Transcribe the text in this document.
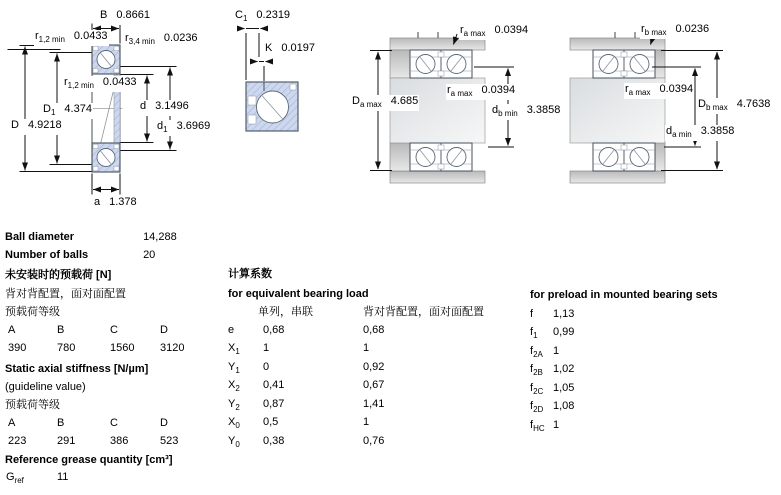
B 0.8661
$r_{1,2 min}$ 0.0433 $r_{3,4 min}$ 0.0236
$r_{1,2 min}$ 0.0433
$D_1$ 4.374
D 4.9218
d 3.1496
$d_1$ 3.6969
a 1.378
$C_1$ 0.2319
K 0.0197
$r_{a max}$ 0.0394
$D_{a max}$ 4.685
$r_{a max}$ 0.0394
$d_{b min}$ 3.3858
$r_{b max}$ 0.0236
$r_{a max}$ 0.0394
$D_{b max}$ 4.7638
$d_{a min}$ 3.3858
Ball diameter	14,288
Number of balls	20
未安装时的预载荷 [N]
背对背配置，面对面配置
预载荷等级
A	B	C	D
390	780	1560 3120
Static axial stiffness [N/µm]
(guideline value)
预载荷等级
A	B	C	D
223	291	386	523
Reference grease quantity [cm³]
$G_{ref}$	11
计算系数
for equivalent bearing load
单列，串联	背对背配置，面对面配置
e	0,68	0,68
$X_1$ 1	1
$Y_1$ 0	0,92
$X_2$ 0,41	0,67
$Y_2$ 0,87	1,41
$X_0$ 0,5	1
$Y_0$ 0,38	0,76
for preload in mounted bearing sets
f 1,13
$f_1$ 0,99
$f_{2A}$ 1
$f_{2B}$ 1,02
$f_{2C}$ 1,05
$f_{2D}$ 1,08
$f_{HC}$ 1
